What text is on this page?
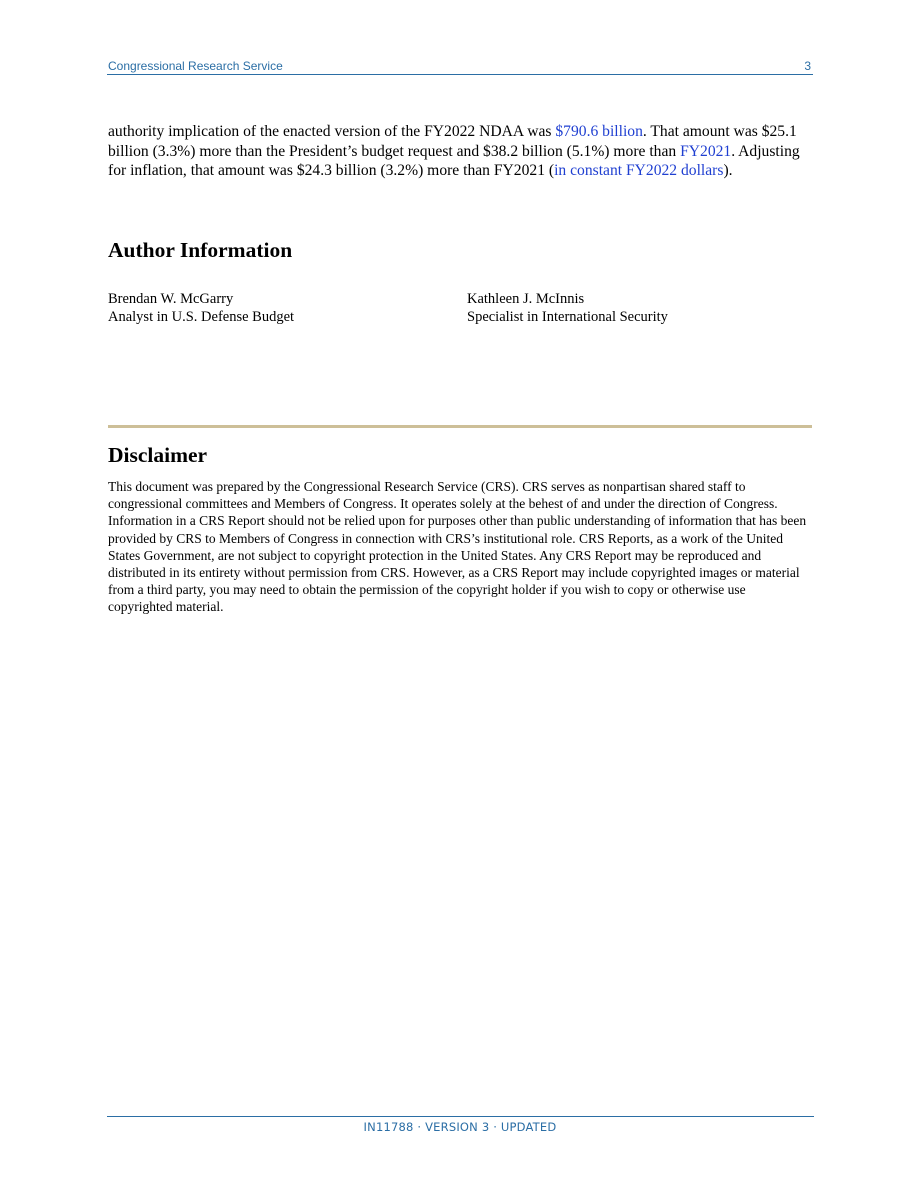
Congressional Research Service	3
authority implication of the enacted version of the FY2022 NDAA was $790.6 billion. That amount was $25.1 billion (3.3%) more than the President’s budget request and $38.2 billion (5.1%) more than FY2021. Adjusting for inflation, that amount was $24.3 billion (3.2%) more than FY2021 (in constant FY2022 dollars).
Author Information
Brendan W. McGarry
Analyst in U.S. Defense Budget
Kathleen J. McInnis
Specialist in International Security
Disclaimer
This document was prepared by the Congressional Research Service (CRS). CRS serves as nonpartisan shared staff to congressional committees and Members of Congress. It operates solely at the behest of and under the direction of Congress. Information in a CRS Report should not be relied upon for purposes other than public understanding of information that has been provided by CRS to Members of Congress in connection with CRS’s institutional role. CRS Reports, as a work of the United States Government, are not subject to copyright protection in the United States. Any CRS Report may be reproduced and distributed in its entirety without permission from CRS. However, as a CRS Report may include copyrighted images or material from a third party, you may need to obtain the permission of the copyright holder if you wish to copy or otherwise use copyrighted material.
IN11788 · VERSION 3 · UPDATED
